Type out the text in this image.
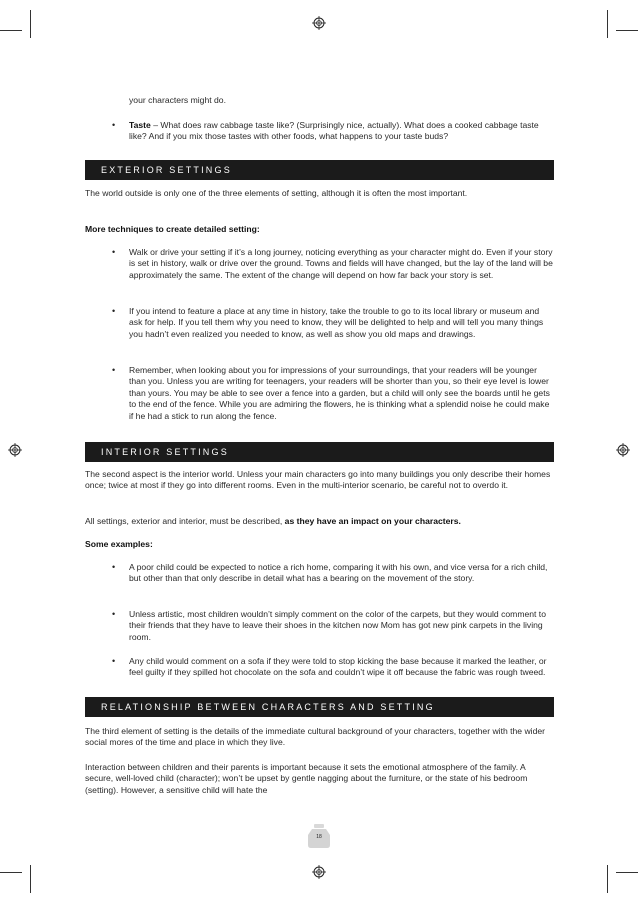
your characters might do.

•	Taste – What does raw cabbage taste like? (Surprisingly nice, actually). What does a cooked cabbage taste like? And if you mix those tastes with other foods, what happens to your taste buds?

EXTERIOR SETTINGS

The world outside is only one of the three elements of setting, although it is often the most important.

More techniques to create detailed setting:

•	Walk or drive your setting if it’s a long journey, noticing everything as your character might do. Even if your story is set in history, walk or drive over the ground. Towns and fields will have changed, but the lay of the land will be approximately the same. The extent of the change will depend on how far back your story is set.

•	If you intend to feature a place at any time in history, take the trouble to go to its local library or museum and ask for help. If you tell them why you need to know, they will be delighted to help and will tell you many things you hadn’t even realized you needed to know, as well as show you old maps and drawings.

•	Remember, when looking about you for impressions of your surroundings, that your readers will be younger than you. Unless you are writing for teenagers, your readers will be shorter than you, so their eye level is lower than yours. You may be able to see over a fence into a garden, but a child will only see the boards until he gets to the end of the fence. While you are admiring the flowers, he is thinking what a splendid noise he could make if he had a stick to run along the fence.

INTERIOR SETTINGS

The second aspect is the interior world. Unless your main characters go into many buildings you only describe their homes once; twice at most if they go into different rooms. Even in the multi-interior scenario, be careful not to overdo it.

All settings, exterior and interior, must be described, as they have an impact on your characters.

Some examples:

•	A poor child could be expected to notice a rich home, comparing it with his own, and vice versa for a rich child, but other than that only describe in detail what has a bearing on the movement of the story.

•	Unless artistic, most children wouldn’t simply comment on the color of the carpets, but they would comment to their friends that they have to leave their shoes in the kitchen now Mom has got new pink carpets in the living room.

•	Any child would comment on a sofa if they were told to stop kicking the base because it marked the leather, or feel guilty if they spilled hot chocolate on the sofa and couldn’t wipe it off because the fabric was rough tweed.

RELATIONSHIP BETWEEN CHARACTERS AND SETTING

The third element of setting is the details of the immediate cultural background of your characters, together with the wider social mores of the time and place in which they live.

Interaction between children and their parents is important because it sets the emotional atmosphere of the family. A secure, well-loved child (character); won’t be upset by gentle nagging about the furniture, or the state of his bedroom (setting). However, a sensitive child will hate the

18
